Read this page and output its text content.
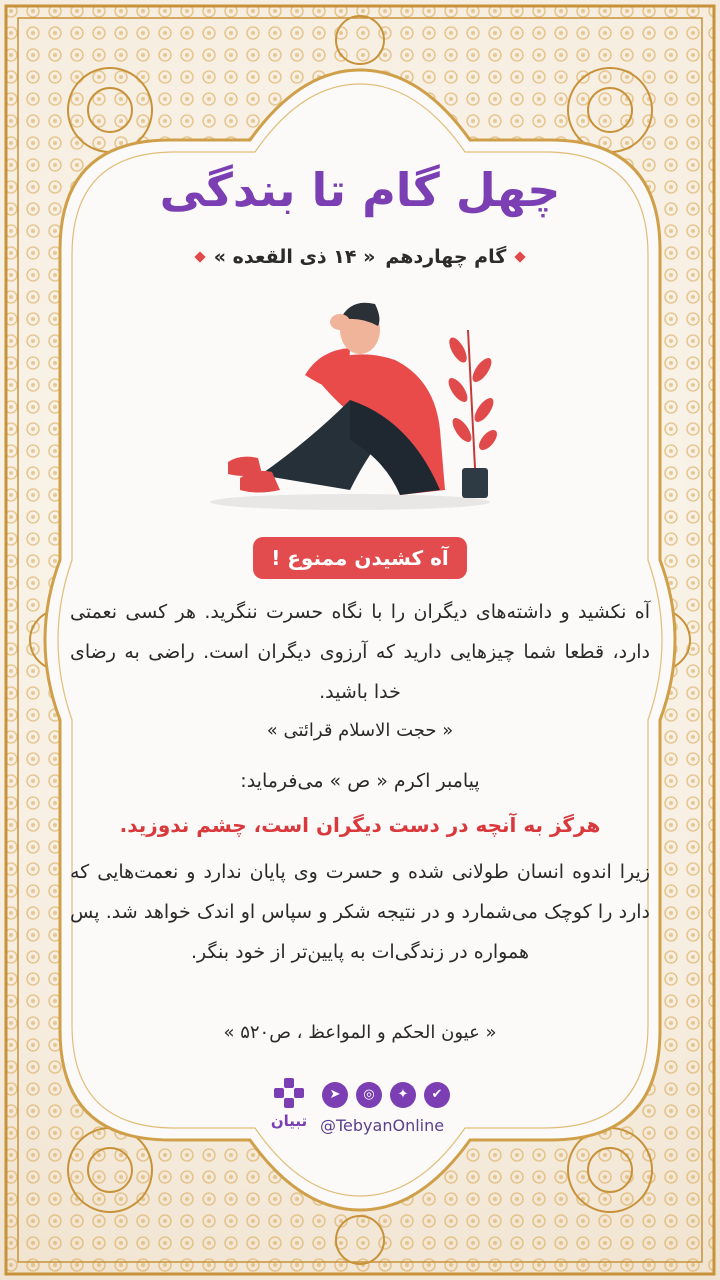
چهل گام تا بندگی
گام چهاردهم
« ۱۴ ذی القعده »
آه کشیدن ممنوع !
آه نکشید و داشته‌های دیگران را با نگاه حسرت ننگرید. هر کسی نعمتی دارد، قطعا شما چیزهایی دارید که آرزوی دیگران است. راضی به رضای خدا باشید.
« حجت الاسلام قرائتی »
پیامبر اکرم « ص » می‌فرماید:
هرگز به آنچه در دست دیگران است، چشم ندوزید.
زیرا اندوه انسان طولانی شده و حسرت وی پایان ندارد و نعمت‌هایی که دارد را کوچک می‌شمارد و در نتیجه شکر و سپاس او اندک خواهد شد. پس همواره در زندگی‌ات به پایین‌تر از خود بنگر.
« عیون الحکم و المواعظ ، ص۵۲۰ »
تبیان
➤	◎	✦	✔
@TebyanOnline
